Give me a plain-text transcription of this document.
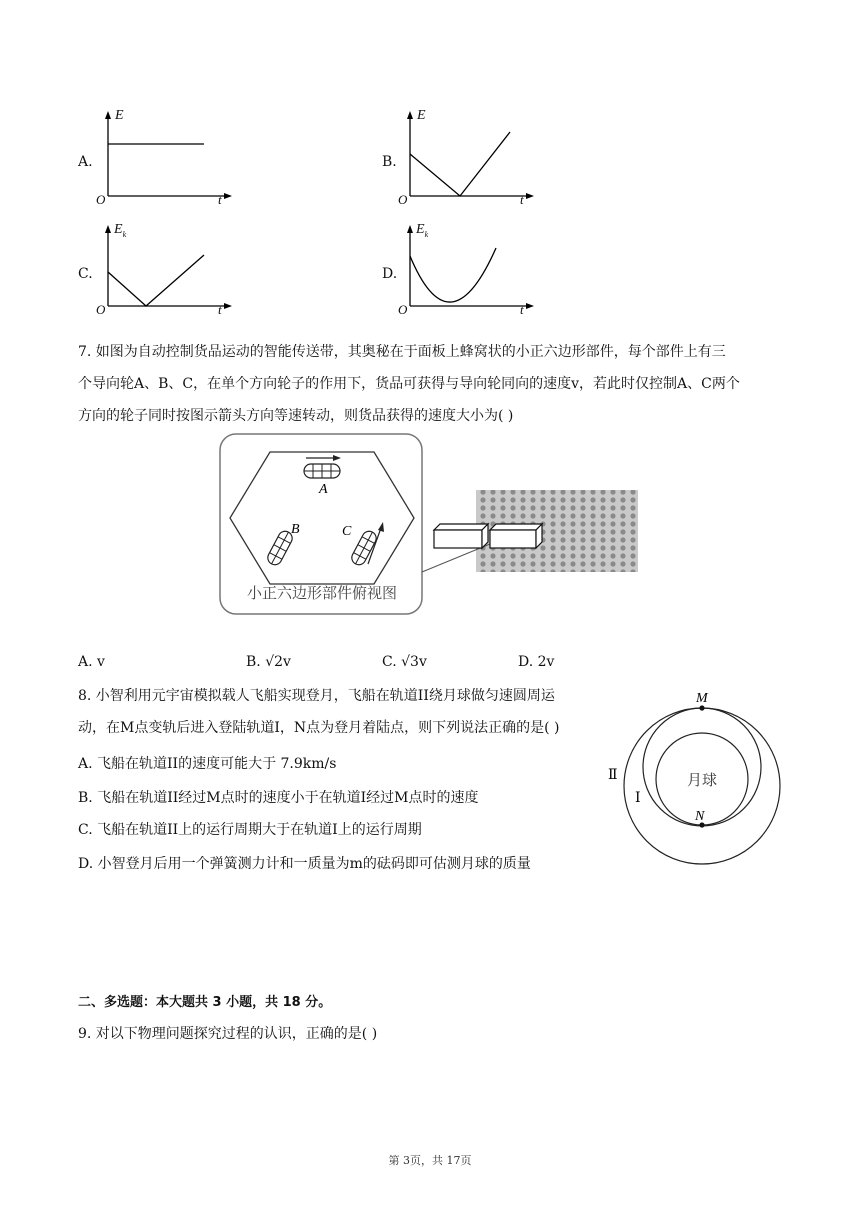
A.
E
O	t
B.
E
O	t
C.
$E_k$
O	t
D.
$E_k$
O	t
7. 如图为自动控制货品运动的智能传送带，其奥秘在于面板上蜂窝状的小正六边形部件，每个部件上有三
个导向轮A、B、C，在单个方向轮子的作用下，货品可获得与导向轮同向的速度v，若此时仅控制A、C两个
方向的轮子同时按图示箭头方向等速转动，则货品获得的速度大小为( )
A
B	C
小正六边形部件俯视图
A. v	B. √2v	C. √3v	D. 2v
8. 小智利用元宇宙模拟载人飞船实现登月，飞船在轨道II绕月球做匀速圆周运
动，在M点变轨后进入登陆轨道I，N点为登月着陆点，则下列说法正确的是( )
A. 飞船在轨道II的速度可能大于 7.9km/s
B. 飞船在轨道II经过M点时的速度小于在轨道I经过M点时的速度
C. 飞船在轨道II上的运行周期大于在轨道I上的运行周期
D. 小智登月后用一个弹簧测力计和一质量为m的砝码即可估测月球的质量
M
N
月球
Ⅱ
Ⅰ
二、多选题：本大题共 3 小题，共 18 分。
9. 对以下物理问题探究过程的认识，正确的是( )
第 3页，共 17页
